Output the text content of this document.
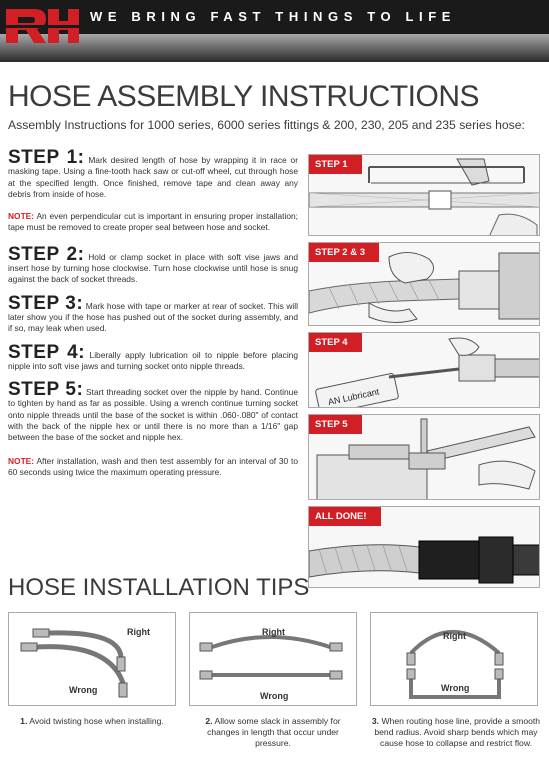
WE BRING FAST THINGS TO LIFE
HOSE ASSEMBLY INSTRUCTIONS
Assembly Instructions for 1000 series, 6000 series fittings & 200, 230, 205 and 235 series hose:

STEP 1: Mark desired length of hose by wrapping it in race or masking tape. Using a fine-tooth hack saw or cut-off wheel, cut through hose at the specified length. Once finished, remove tape and clean away any debris from inside of hose.

NOTE: An even perpendicular cut is important in ensuring proper installation; tape must be removed to create proper seal between hose and socket.

STEP 2: Hold or clamp socket in place with soft vise jaws and insert hose by turning hose clockwise. Turn hose clockwise until hose is snug against the back of socket threads.

STEP 3: Mark hose with tape or marker at rear of socket. This will later show you if the hose has pushed out of the socket during assembly, and if so, may leak when used.

STEP 4: Liberally apply lubrication oil to nipple before placing nipple into soft vise jaws and turning socket onto nipple threads.

STEP 5: Start threading socket over the nipple by hand. Continue to tighten by hand as far as possible. Using a wrench continue turning socket onto nipple threads until the base of the socket is within .060-.080" of contact with the back of the nipple hex or until there is no more than a 1/16" gap between the base of the socket and nipple hex.

NOTE: After installation, wash and then test assembly for an interval of 30 to 60 seconds using twice the maximum operating pressure.

STEP 1
STEP 2 & 3
AN Lubricant
STEP 4
STEP 5
ALL DONE!
HOSE INSTALLATION TIPS
Right
Wrong
Right
Wrong
Right
Wrong
1. Avoid twisting hose when installing.	2. Allow some slack in assembly for changes in length that occur under pressure.
3. When routing hose line, provide a smooth bend radius. Avoid sharp bends which may cause hose to collapse and restrict flow.
